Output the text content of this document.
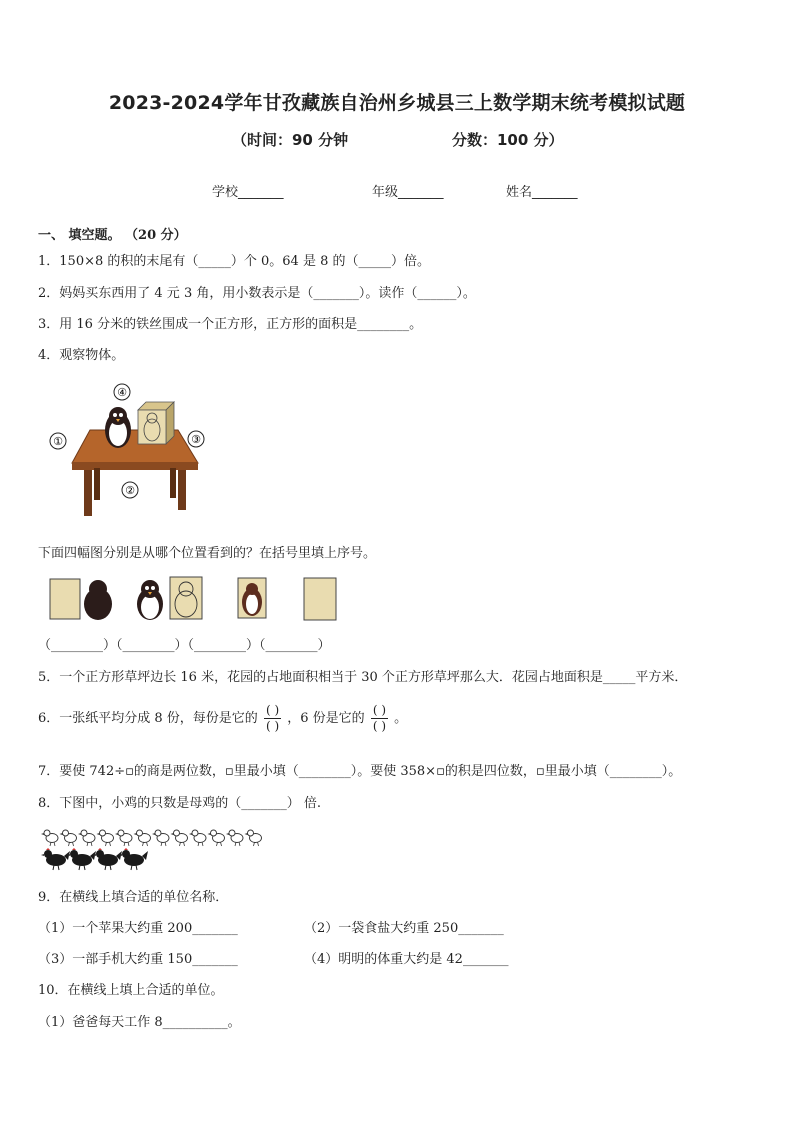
2023-2024学年甘孜藏族自治州乡城县三上数学期末统考模拟试题
（时间：90 分钟	分数：100 分）
学校_______	年级_______	姓名_______
一、 填空题。 （20 分）
1．150×8 的积的末尾有（_____）个 0。64 是 8 的（_____）倍。
2．妈妈买东西用了 4 元 3 角，用小数表示是（_______）。读作（______）。
3．用 16 分米的铁丝围成一个正方形，正方形的面积是________。
4．观察物体。
④
①	③
②
下面四幅图分别是从哪个位置看到的？在括号里填上序号。
（________）（________）（________）（________）
5．一个正方形草坪边长 16 米，花园的占地面积相当于 30 个正方形草坪那么大．花园占地面积是_____平方米．
6．一张纸平均分成 8 份，每份是它的 $\frac{( )}{( )}$ ，6 份是它的 $\frac{( )}{( )}$ 。
7．要使 742÷▫的商是两位数，▫里最小填（________）。要使 358×▫的积是四位数，▫里最小填（________）。
8．下图中，小鸡的只数是母鸡的（_______） 倍.
9．在横线上填合适的单位名称．
（1）一个苹果大约重 200_______	（2）一袋食盐大约重 250_______
（3）一部手机大约重 150_______	（4）明明的体重大约是 42_______
10．在横线上填上合适的单位。
（1）爸爸每天工作 8__________。
